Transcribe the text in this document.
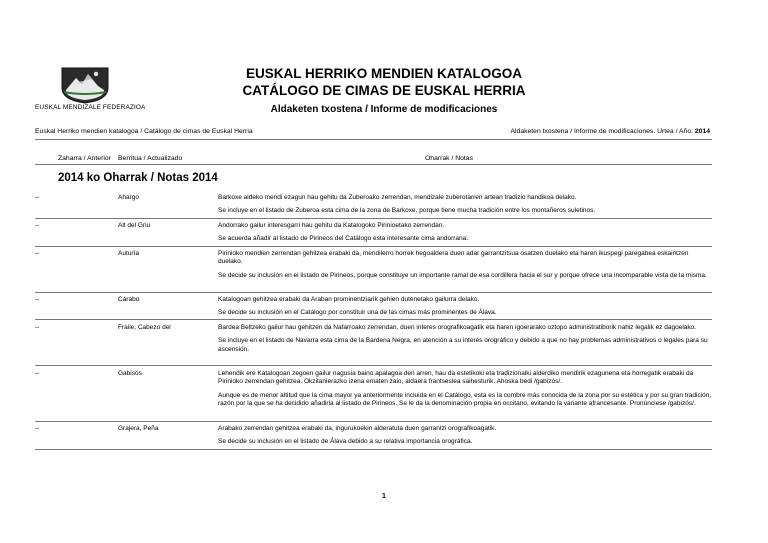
EUSKAL MENDIZALE FEDERAZIOA
EUSKAL HERRIKO MENDIEN KATALOGOA
CATÁLOGO DE CIMAS DE EUSKAL HERRIA
Aldaketen txostena / Informe de modificaciones
Euskal Herriko mendien katalogoa / Catálogo de cimas de Euskal Herria	Aldaketen txostena / Informe de modificaciones. Urtea / Año: 2014
Zaharra / Anterior Berritua / Actualizado	Oharrak / Notas
2014 ko Oharrak / Notas 2014
--	Ahargo	Barkoxe aldeko mendi ezagun hau gehitu da Zuberoako zerrendan, mendizale zuberotarren artean tradizio handikoa delako.

Se incluye en el listado de Zuberoa esta cima de la zona de Barkoxe, porque tiene mucha tradición entre los montañeros suletinos.

--	Alt del Griu	Andorrako gailur interesgarri hau gehitu da Katalogoko Pirinioetako zerrendan.

Se acuerda añadir al listado de Pirineos del Catálogo esta interesante cima andorrana.

--	Auturía	Pirinioko mendien zerrendan gehitzea erabaki da, mendilerro horrek hegoaldera duen adar garrantzitsua osatzen duelako eta haren ikuspegi paregabea eskaintzen duelako.

Se decide su inclusión en el listado de Pirineos, porque constituye un importante ramal de esa cordillera hacia el sur y porque ofrece una incomparable vista de la misma.

--	Cárabo	Katalogoan gehitzea erabaki da Araban prominentziarik gehien dutenetako gailurra delako.

Se decide su inclusión en el Catálogo por constituir una de las cimas más prominentes de Álava.

--	Fraile, Cabezo del	Bardea Beltzeko gailur hau gehitzen da Nafarroako zerrendan, duen interes orografikoagatik eta haren igoerarako oztopo administratiborik nahiz legalik ez dagoelako.

Se incluye en el listado de Navarra esta cima de la Bardena Negra, en atención a su interés orográfico y debido a que no hay problemas administrativos o legales para su ascensión.

--	Gabisós	Lehendik ere Katalogoan zegoen gailur nagusia baino apalagoa den arren, hau da estetikoki eta tradizionalki alderdiko mendirik ezagunena eta horregatik erabaki da Pirinioko zerrendan gehitzea. Okzitanierazko izena ematen zaio, aldaera frantseslea saihesturik. Ahoska bedi /gabizós/.

Aunque es de menor altitud que la cima mayor ya anteriormente incluida en el Catálogo, esta es la cumbre más conocida de la zona por su estética y por su gran tradición, razón por la que se ha decidido añadirla al listado de Pirineos. Se le da la denominación propia en occitano, evitando la variante afrancesante. Pronúnciese /gabizós/.

--	Grajera, Peña	Arabako zerrendan gehitzea erabaki da, ingurukoekin alderatuta duen garrantzi orografikoagatik.

Se decide su inclusión en el listado de Álava debido a su relativa importancia orográfica.

1
